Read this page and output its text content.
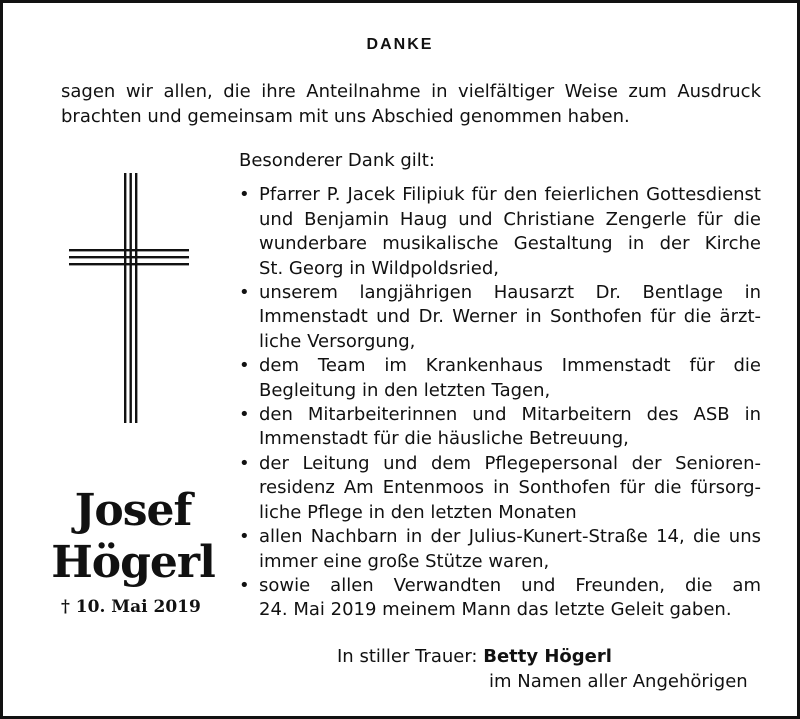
DANKE
sagen wir allen, die ihre Anteilnahme in vielfältiger Weise zum Ausdruck
brachten und gemeinsam mit uns Abschied genommen haben.
Josef
Högerl
† 10. Mai 2019
Besonderer Dank gilt:
• Pfarrer P. Jacek Filipiuk für den feierlichen Gottesdienst
und Benjamin Haug und Christiane Zengerle für die
wunderbare musikalische Gestaltung in der Kirche
St. Georg in Wildpoldsried,
• unserem langjährigen Hausarzt Dr. Bentlage in
Immenstadt und Dr. Werner in Sonthofen für die ärzt-
liche Versorgung,
• dem Team im Krankenhaus Immenstadt für die
Begleitung in den letzten Tagen,
• den Mitarbeiterinnen und Mitarbeitern des ASB in
Immenstadt für die häusliche Betreuung,
• der Leitung und dem Pflegepersonal der Senioren-
residenz Am Entenmoos in Sonthofen für die fürsorg-
liche Pflege in den letzten Monaten
• allen Nachbarn in der Julius-Kunert-Straße 14, die uns
immer eine große Stütze waren,
• sowie allen Verwandten und Freunden, die am
24. Mai 2019 meinem Mann das letzte Geleit gaben.
In stiller Trauer: Betty Högerl
im Namen aller Angehörigen
